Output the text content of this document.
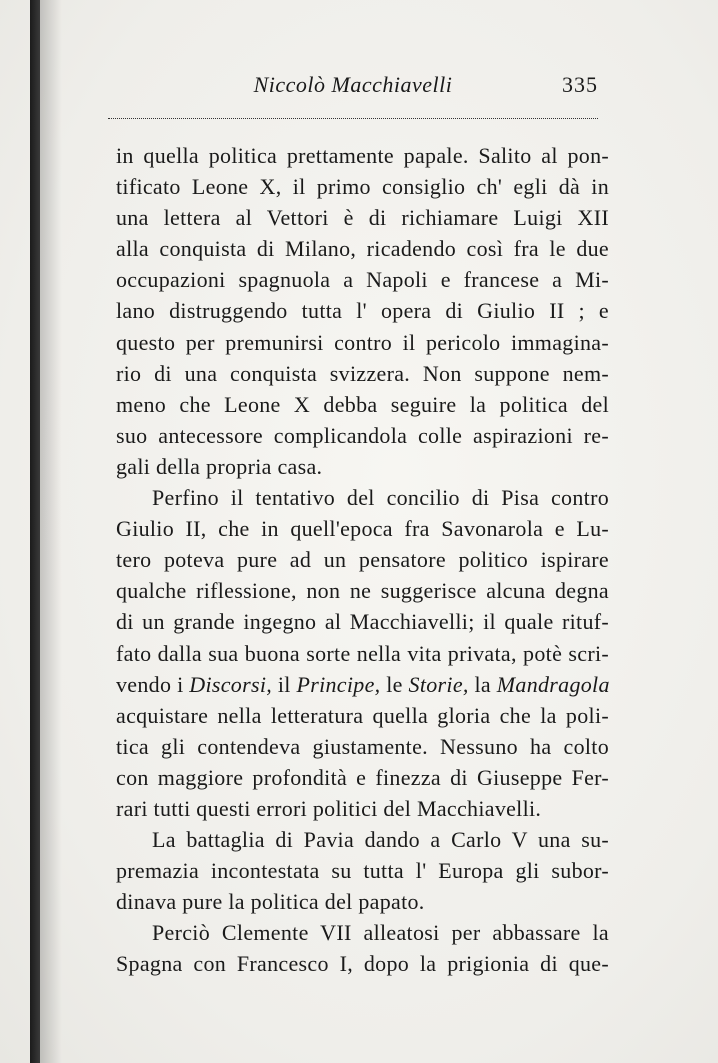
Niccolò Macchiavelli	335
in quella politica prettamente papale. Salito al pon-
tificato Leone X, il primo consiglio ch' egli dà in
una lettera al Vettori è di richiamare Luigi XII
alla conquista di Milano, ricadendo così fra le due
occupazioni spagnuola a Napoli e francese a Mi-
lano distruggendo tutta l' opera di Giulio II ; e
questo per premunirsi contro il pericolo immagina-
rio di una conquista svizzera. Non suppone nem-
meno che Leone X debba seguire la politica del
suo antecessore complicandola colle aspirazioni re-
gali della propria casa.
Perfino il tentativo del concilio di Pisa contro
Giulio II, che in quell'epoca fra Savonarola e Lu-
tero poteva pure ad un pensatore politico ispirare
qualche riflessione, non ne suggerisce alcuna degna
di un grande ingegno al Macchiavelli; il quale rituf-
fato dalla sua buona sorte nella vita privata, potè scri-
vendo i Discorsi, il Principe, le Storie, la Mandragola
acquistare nella letteratura quella gloria che la poli-
tica gli contendeva giustamente. Nessuno ha colto
con maggiore profondità e finezza di Giuseppe Fer-
rari tutti questi errori politici del Macchiavelli.
La battaglia di Pavia dando a Carlo V una su-
premazia incontestata su tutta l' Europa gli subor-
dinava pure la politica del papato.
Perciò Clemente VII alleatosi per abbassare la
Spagna con Francesco I, dopo la prigionia di que-
